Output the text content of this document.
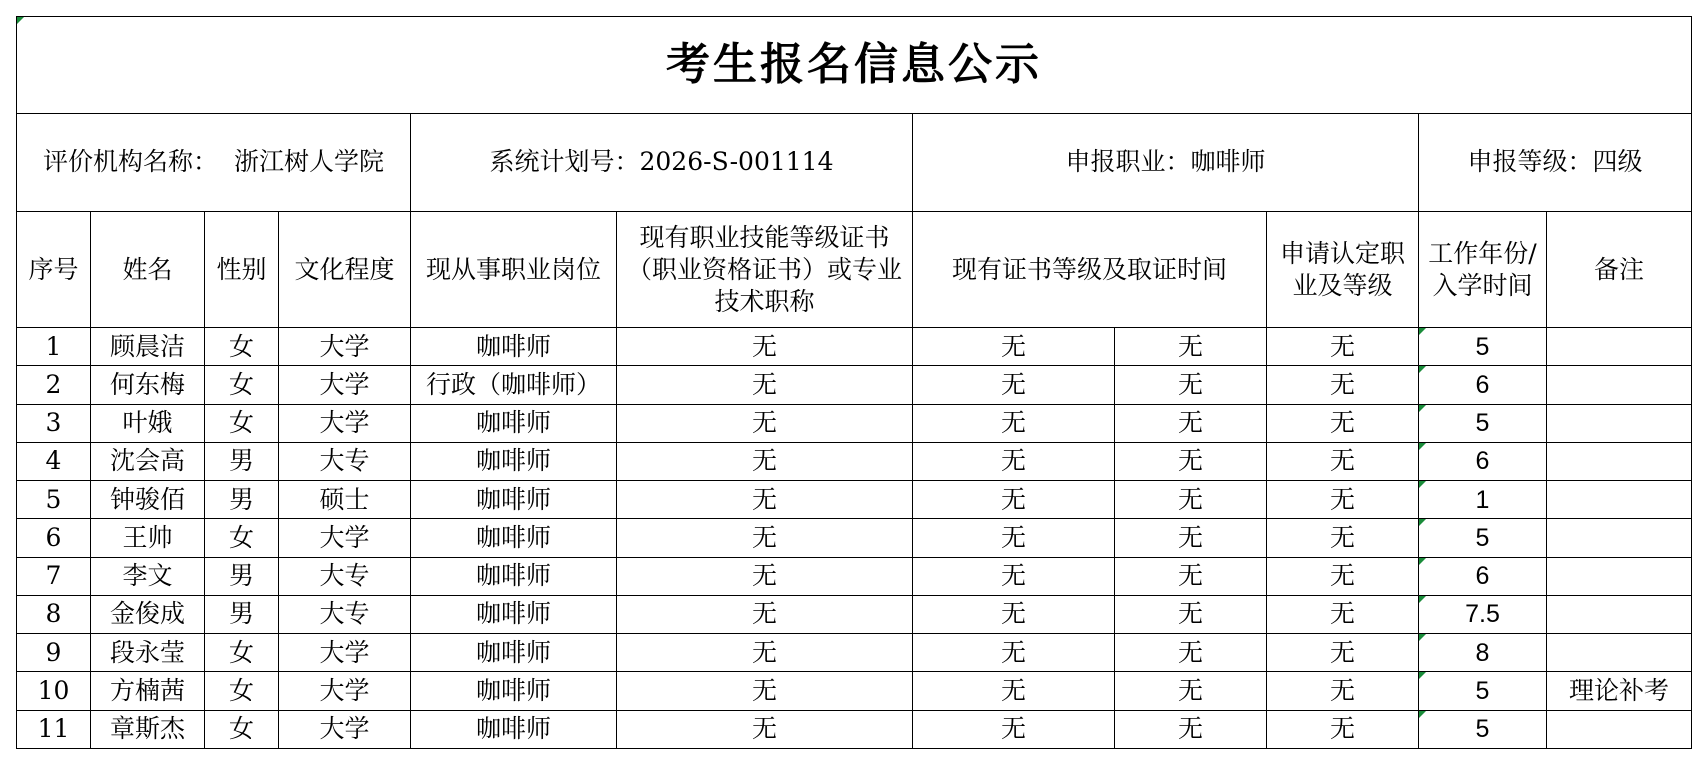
考生报名信息公示										
评价机构名称：  浙江树人学院				系统计划号：2026-S-001114		申报职业：咖啡师			申报等级：四级	
序号	姓名	性别	文化程度	现从事职业岗位	现有职业技能等级证书（职业资格证书）或专业技术职称	现有证书等级及取证时间		申请认定职业及等级	工作年份/入学时间	备注
1	顾晨洁	女	大学	咖啡师	无	无	无	无	5	
2	何东梅	女	大学	行政（咖啡师）	无	无	无	无	6	
3	叶娥	女	大学	咖啡师	无	无	无	无	5	
4	沈会高	男	大专	咖啡师	无	无	无	无	6	
5	钟骏佰	男	硕士	咖啡师	无	无	无	无	1	
6	王帅	女	大学	咖啡师	无	无	无	无	5	
7	李文	男	大专	咖啡师	无	无	无	无	6	
8	金俊成	男	大专	咖啡师	无	无	无	无	7.5	
9	段永莹	女	大学	咖啡师	无	无	无	无	8	
10	方楠茜	女	大学	咖啡师	无	无	无	无	5	理论补考
11	章斯杰	女	大学	咖啡师	无	无	无	无	5	
